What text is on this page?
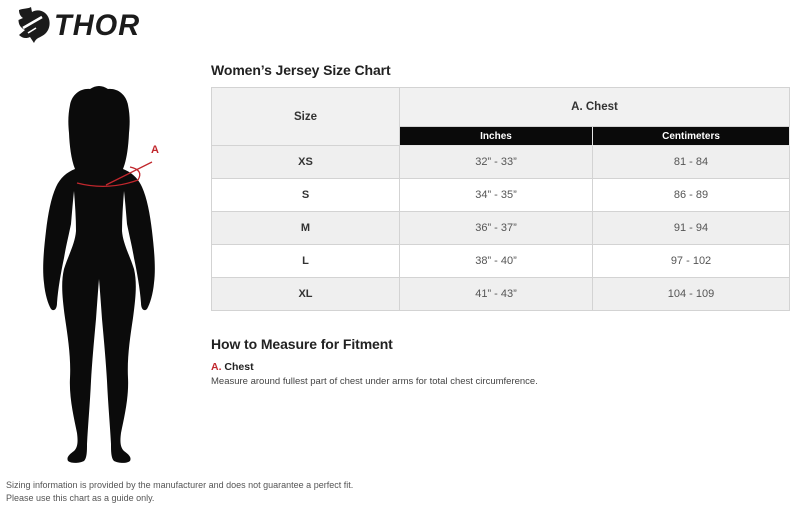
THOR
A
Women’s Jersey Size Chart
Size	A. Chest	
	Inches	Centimeters
XS	32” - 33”	81 - 84
S	34” - 35”	86 - 89
M	36” - 37”	91 - 94
L	38” - 40”	97 - 102
XL	41” - 43”	104 - 109
How to Measure for Fitment
A. Chest

Measure around fullest part of chest under arms for total chest circumference.

Sizing information is provided by the manufacturer and does not guarantee a perfect fit.
Please use this chart as a guide only.
